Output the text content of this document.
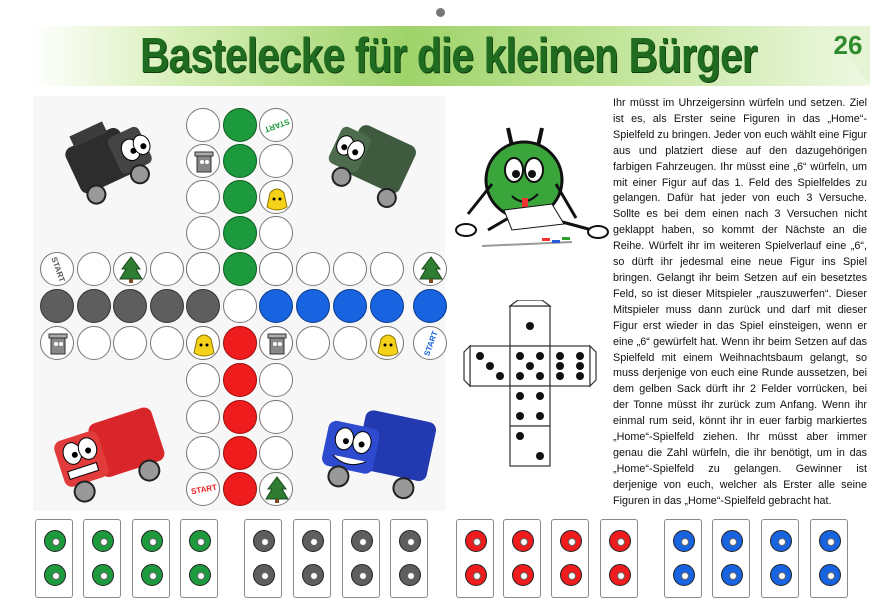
Bastelecke für die kleinen Bürger	26
START
START
START
START

Ihr müsst im Uhrzeigersinn würfeln und setzen. Ziel ist es, als Erster seine Figuren in das „Home“-Spielfeld zu bringen. Jeder von euch wählt eine Figur aus und platziert diese auf den dazugehörigen farbigen Fahrzeugen. Ihr müsst eine „6“ würfeln, um mit einer Figur auf das 1. Feld des Spielfeldes zu gelangen. Dafür hat jeder von euch 3 Versuche. Sollte es bei dem einen nach 3 Versuchen nicht geklappt haben, so kommt der Nächste an die Reihe. Würfelt ihr im weiteren Spielverlauf eine „6“, so dürft ihr jedesmal eine neue Figur ins Spiel bringen. Gelangt ihr beim Setzen auf ein besetztes Feld, so ist dieser Mitspieler „rauszuwerfen“. Dieser Mitspieler muss dann zurück und darf mit dieser Figur erst wieder in das Spiel einsteigen, wenn er eine „6“ gewürfelt hat. Wenn ihr beim Setzen auf das Spielfeld mit einem Weihnachtsbaum gelangt, so muss derjenige von euch eine Runde aussetzen, bei dem gelben Sack dürft ihr 2 Felder vorrücken, bei der Tonne müsst ihr zurück zum Anfang. Wenn ihr einmal rum seid, könnt ihr in euer farbig markiertes „Home“-Spielfeld ziehen. Ihr müsst aber immer genau die Zahl würfeln, die ihr benötigt, um in das „Home“-Spielfeld zu gelangen. Gewinner ist derjenige von euch, welcher als Erster alle seine Figuren in das „Home“-Spielfeld gebracht hat.
